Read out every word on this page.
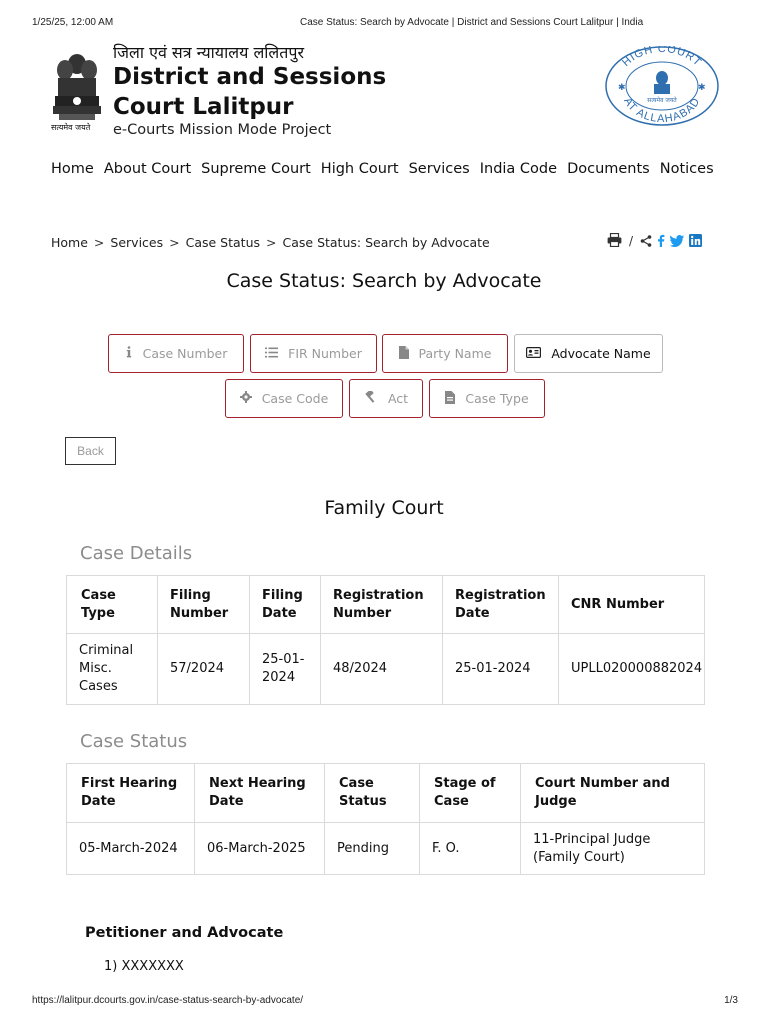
1/25/25, 12:00 AM	Case Status: Search by Advocate | District and Sessions Court Lalitpur | India
सत्यमेव जयते
जिला एवं सत्र न्यायालय ललितपुर
District and Sessions Court Lalitpur
e-Courts Mission Mode Project
HIGH COURT
AT ALLAHABAD
सत्यमेव जयते
✱	✱
Home About Court Supreme Court High Court Services India Code Documents Notices
Home > Services > Case Status > Case Status: Search by Advocate	/
Case Status: Search by Advocate
Case Number	FIR Number	Party Name	Advocate Name
Case Code	Act	Case Type
Back
Family Court
Case Details
Case Type	Filing Number	Filing Date	Registration Number	Registration Date	CNR Number
Criminal Misc. Cases	57/2024	25-01-2024	48/2024	25-01-2024	UPLL020000882024
Case Status
First Hearing Date	Next Hearing Date	Case Status	Stage of Case	Court Number and Judge
05-March-2024	06-March-2025	Pending	F. O.	11-Principal Judge (Family Court)
Petitioner and Advocate
1) XXXXXXX
https://lalitpur.dcourts.gov.in/case-status-search-by-advocate/	1/3
